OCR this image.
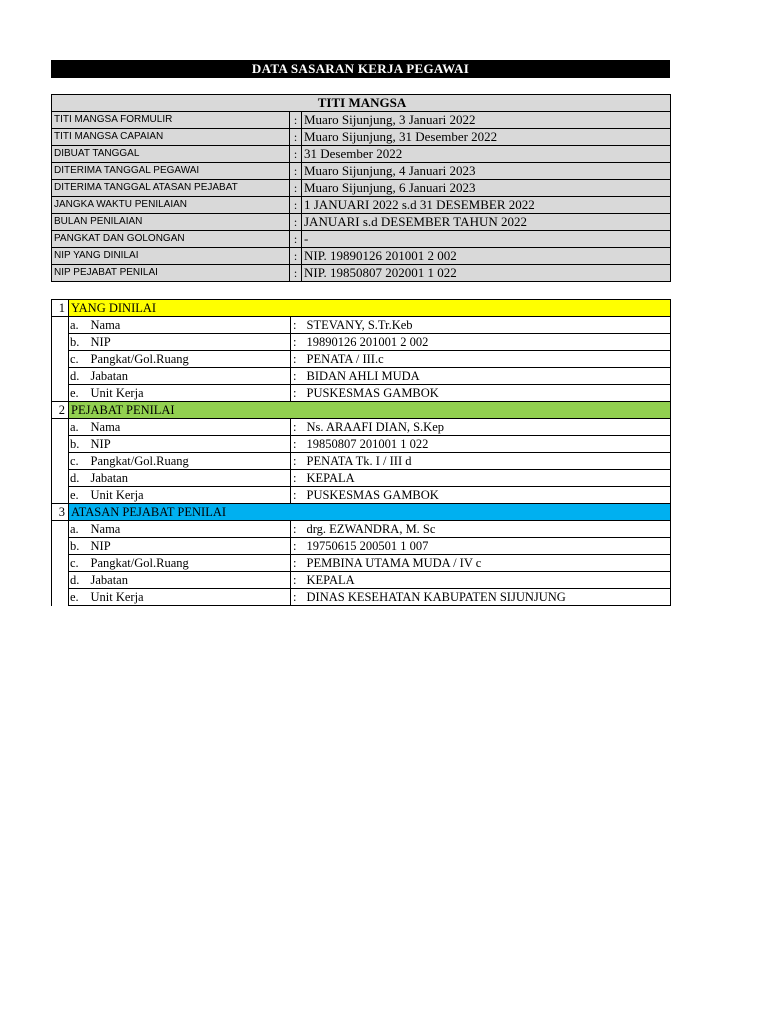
DATA SASARAN KERJA PEGAWAI
TITI MANGSA		
TITI MANGSA FORMULIR	:	Muaro Sijunjung, 3 Januari 2022
TITI MANGSA CAPAIAN	:	Muaro Sijunjung, 31 Desember 2022
DIBUAT TANGGAL	:	31 Desember 2022
DITERIMA TANGGAL PEGAWAI	:	Muaro Sijunjung, 4 Januari 2023
DITERIMA TANGGAL ATASAN PEJABAT	:	Muaro Sijunjung, 6 Januari 2023
JANGKA WAKTU PENILAIAN	:	1 JANUARI 2022 s.d 31 DESEMBER 2022
BULAN PENILAIAN	:	JANUARI s.d DESEMBER TAHUN 2022
PANGKAT DAN GOLONGAN	:	-
NIP YANG DINILAI	:	NIP. 19890126 201001 2 002
NIP PEJABAT PENILAI	:	NIP. 19850807 202001 1 022
1	YANG DINILAI			
	a.	Nama	:	STEVANY, S.Tr.Keb
	b.	NIP	:	19890126 201001 2 002
	c.	Pangkat/Gol.Ruang	:	PENATA / III.c
	d.	Jabatan	:	BIDAN AHLI MUDA
	e.	Unit Kerja	:	PUSKESMAS GAMBOK
2	PEJABAT PENILAI			
	a.	Nama	:	Ns. ARAAFI DIAN, S.Kep
	b.	NIP	:	19850807 201001 1 022
	c.	Pangkat/Gol.Ruang	:	PENATA Tk. I / III d
	d.	Jabatan	:	KEPALA
	e.	Unit Kerja	:	PUSKESMAS GAMBOK
3	ATASAN PEJABAT PENILAI			
	a.	Nama	:	drg. EZWANDRA, M. Sc
	b.	NIP	:	19750615 200501 1 007
	c.	Pangkat/Gol.Ruang	:	PEMBINA UTAMA MUDA / IV c
	d.	Jabatan	:	KEPALA
	e.	Unit Kerja	:	DINAS KESEHATAN KABUPATEN SIJUNJUNG
